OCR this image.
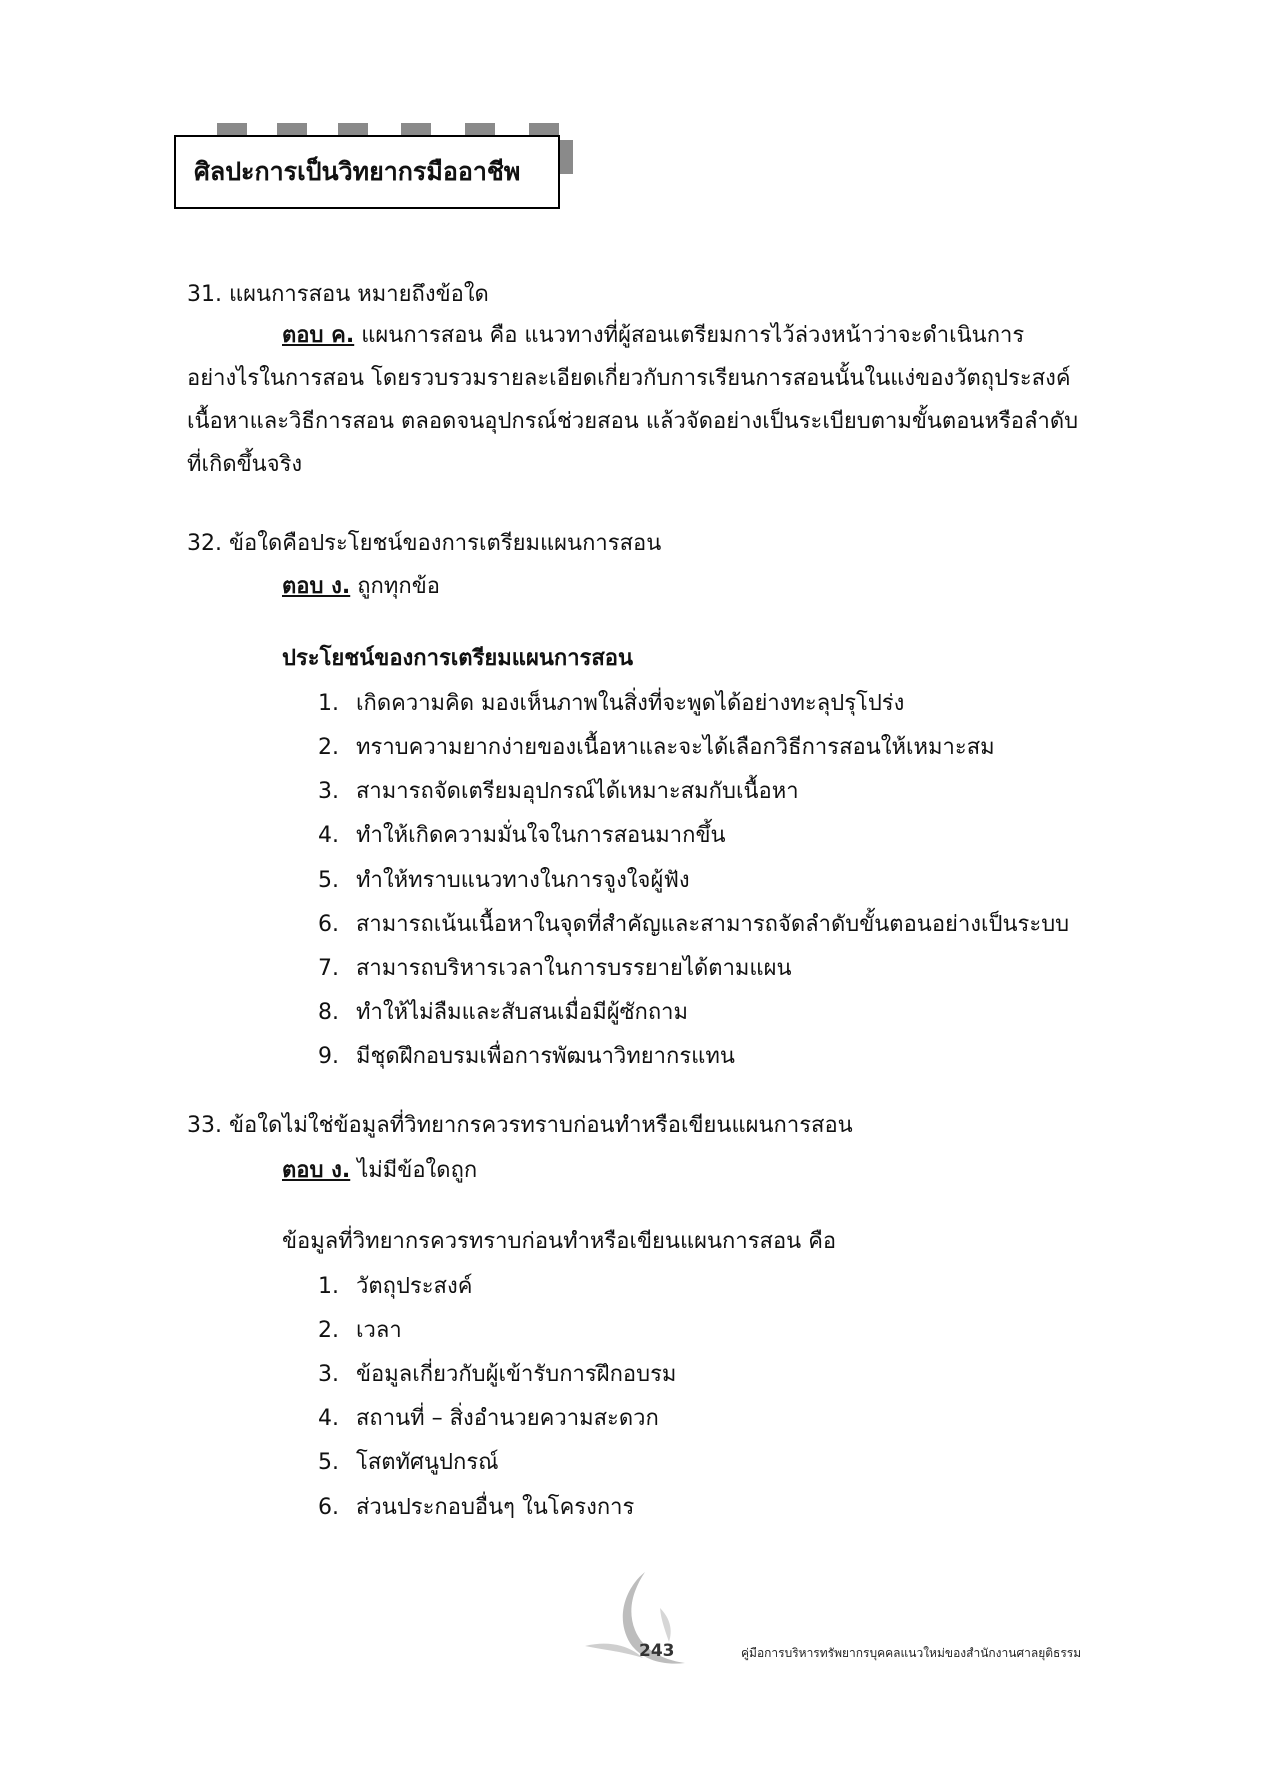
ศิลปะการเป็นวิทยากรมืออาชีพ
31. แผนการสอน หมายถึงข้อใด
ตอบ ค. แผนการสอน คือ แนวทางที่ผู้สอนเตรียมการไว้ล่วงหน้าว่าจะดำเนินการ
อย่างไรในการสอน โดยรวบรวมรายละเอียดเกี่ยวกับการเรียนการสอนนั้นในแง่ของวัตถุประสงค์
เนื้อหาและวิธีการสอน ตลอดจนอุปกรณ์ช่วยสอน แล้วจัดอย่างเป็นระเบียบตามขั้นตอนหรือลำดับ
ที่เกิดขึ้นจริง
32. ข้อใดคือประโยชน์ของการเตรียมแผนการสอน
ตอบ ง. ถูกทุกข้อ
ประโยชน์ของการเตรียมแผนการสอน
1. เกิดความคิด มองเห็นภาพในสิ่งที่จะพูดได้อย่างทะลุปรุโปร่ง
2. ทราบความยากง่ายของเนื้อหาและจะได้เลือกวิธีการสอนให้เหมาะสม
3. สามารถจัดเตรียมอุปกรณ์ได้เหมาะสมกับเนื้อหา
4. ทำให้เกิดความมั่นใจในการสอนมากขึ้น
5. ทำให้ทราบแนวทางในการจูงใจผู้ฟัง
6. สามารถเน้นเนื้อหาในจุดที่สำคัญและสามารถจัดลำดับขั้นตอนอย่างเป็นระบบ
7. สามารถบริหารเวลาในการบรรยายได้ตามแผน
8. ทำให้ไม่ลืมและสับสนเมื่อมีผู้ซักถาม
9. มีชุดฝึกอบรมเพื่อการพัฒนาวิทยากรแทน
33. ข้อใดไม่ใช่ข้อมูลที่วิทยากรควรทราบก่อนทำหรือเขียนแผนการสอน
ตอบ ง. ไม่มีข้อใดถูก
ข้อมูลที่วิทยากรควรทราบก่อนทำหรือเขียนแผนการสอน คือ
1. วัตถุประสงค์
2. เวลา
3. ข้อมูลเกี่ยวกับผู้เข้ารับการฝึกอบรม
4. สถานที่ – สิ่งอำนวยความสะดวก
5. โสตทัศนูปกรณ์
6. ส่วนประกอบอื่นๆ ในโครงการ
243	คู่มือการบริหารทรัพยากรบุคคลแนวใหม่ของสำนักงานศาลยุติธรรม
